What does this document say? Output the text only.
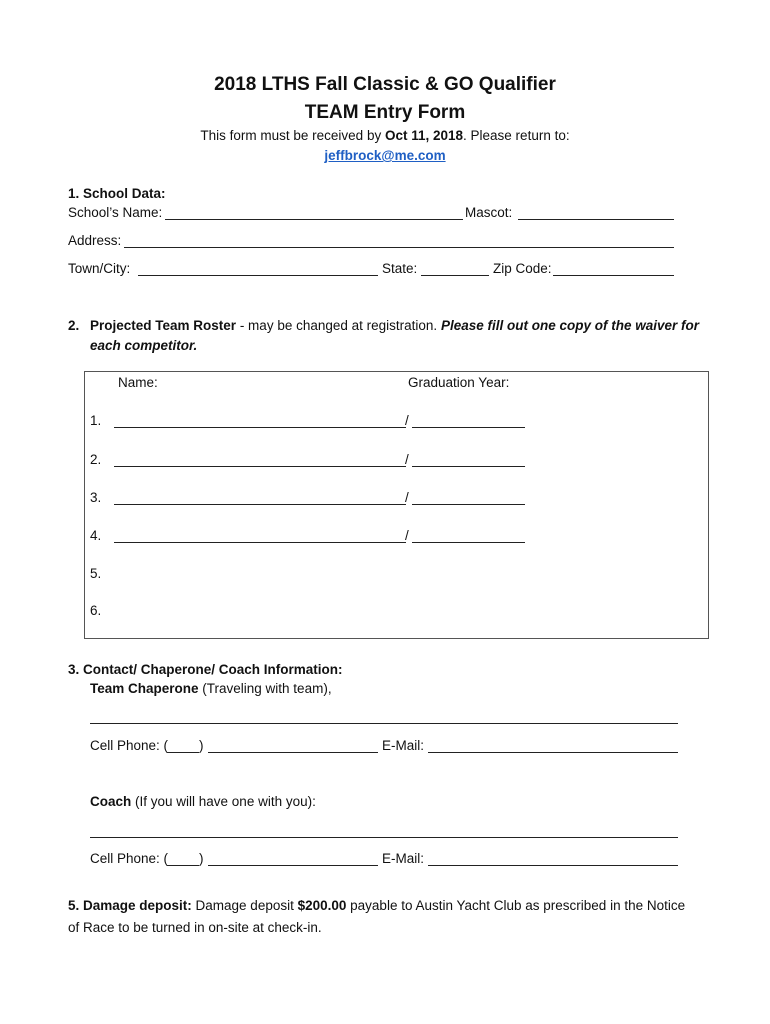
2018 LTHS Fall Classic & GO Qualifier
TEAM Entry Form
This form must be received by Oct 11, 2018. Please return to:
jeffbrock@me.com
1. School Data:
School’s Name:	Mascot:
Address:
Town/City:	State:	Zip Code:
2. Projected Team Roster - may be changed at registration. Please fill out one copy of the waiver for
each competitor.
Name:	Graduation Year:
1.	/
2.	/
3.	/
4.	/
5.
6.
3. Contact/ Chaperone/ Coach Information:
Team Chaperone (Traveling with team),
Cell Phone: ( )	E-Mail:
Coach (If you will have one with you):
Cell Phone: ( )	E-Mail:
5. Damage deposit: Damage deposit $200.00 payable to Austin Yacht Club as prescribed in the Notice
of Race to be turned in on-site at check-in.
